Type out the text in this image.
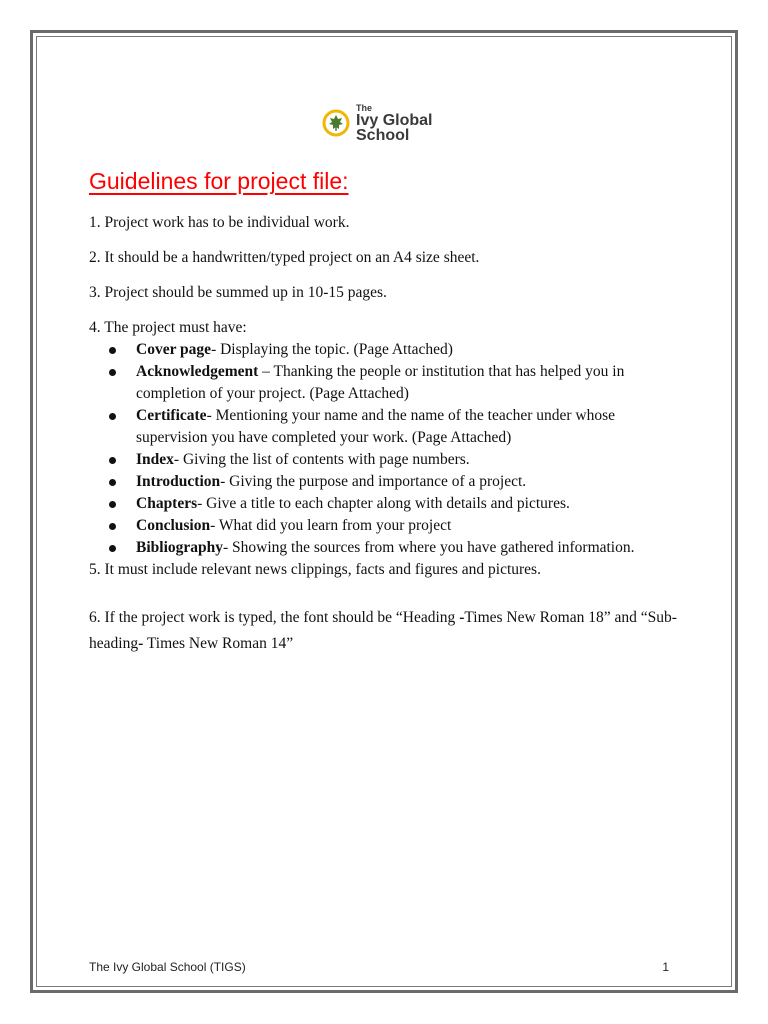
The
Ivy Global
School
Guidelines for project file:

1. Project work has to be individual work.

2. It should be a handwritten/typed project on an A4 size sheet.

3. Project should be summed up in 10-15 pages.

4. The project must have:

Cover page- Displaying the topic. (Page Attached)
Acknowledgement – Thanking the people or institution that has helped you in completion of your project. (Page Attached)
Certificate- Mentioning your name and the name of the teacher under whose supervision you have completed your work. (Page Attached)
Index- Giving the list of contents with page numbers.
Introduction- Giving the purpose and importance of a project.
Chapters- Give a title to each chapter along with details and pictures.
Conclusion- What did you learn from your project
Bibliography- Showing the sources from where you have gathered information.

5. It must include relevant news clippings, facts and figures and pictures.

6. If the project work is typed, the font should be “Heading -Times New Roman 18” and “Sub-heading- Times New Roman 14”

The Ivy Global School (TIGS)	1
